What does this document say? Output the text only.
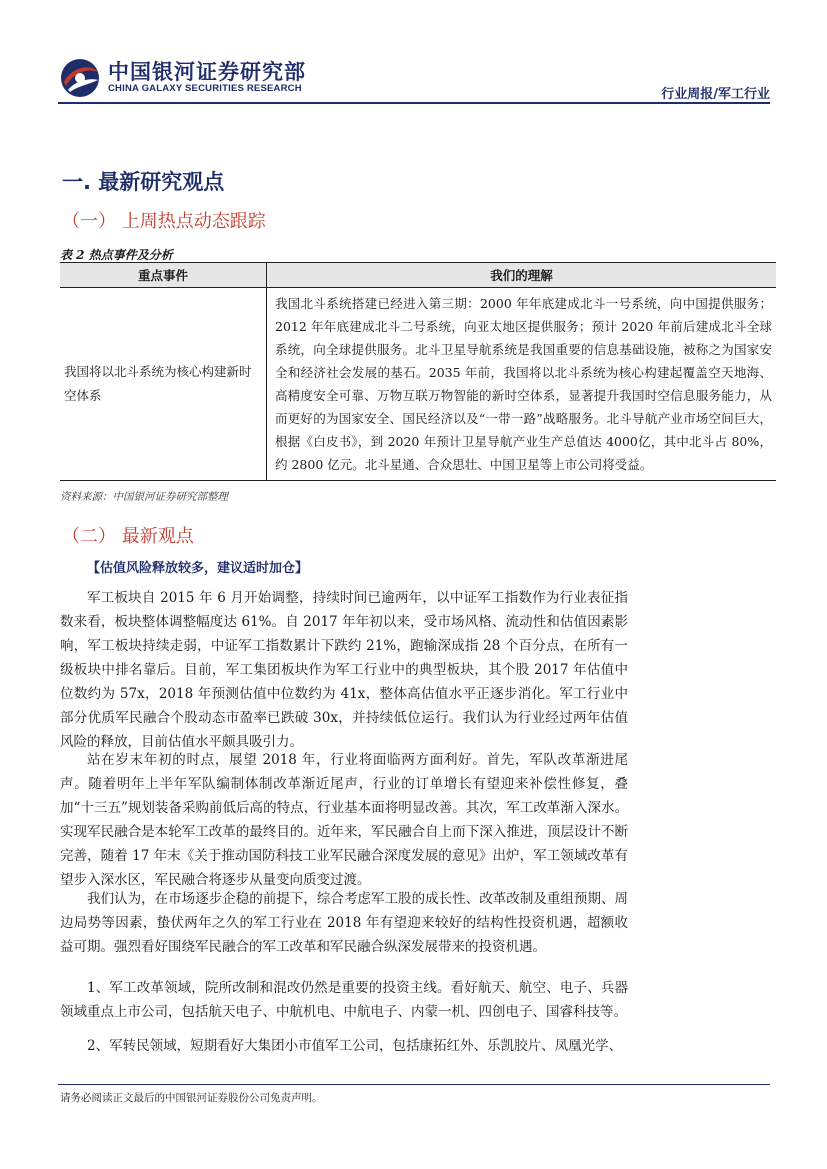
中国银河证券研究部
CHINA GALAXY SECURITIES RESEARCH	行业周报/军工行业
一. 最新研究观点
（一） 上周热点动态跟踪
表 2 热点事件及分析
重点事件	我们的理解
我国将以北斗系统为核心构建新时空体系	我国北斗系统搭建已经进入第三期：2000 年年底建成北斗一号系统，向中国提供服务；2012 年年底建成北斗二号系统，向亚太地区提供服务；预计 2020 年前后建成北斗全球系统，向全球提供服务。北斗卫星导航系统是我国重要的信息基础设施，被称之为国家安全和经济社会发展的基石。2035 年前，我国将以北斗系统为核心构建起覆盖空天地海、高精度安全可靠、万物互联万物智能的新时空体系，显著提升我国时空信息服务能力，从而更好的为国家安全、国民经济以及“一带一路”战略服务。北斗导航产业市场空间巨大，根据《白皮书》，到 2020 年预计卫星导航产业生产总值达 4000亿，其中北斗占 80%，约 2800 亿元。北斗星通、合众思壮、中国卫星等上市公司将受益。
资料来源：中国银河证券研究部整理
（二） 最新观点
【估值风险释放较多，建议适时加仓】

军工板块自 2015 年 6 月开始调整，持续时间已逾两年，以中证军工指数作为行业表征指数来看，板块整体调整幅度达 61%。自 2017 年年初以来，受市场风格、流动性和估值因素影响，军工板块持续走弱，中证军工指数累计下跌约 21%，跑输深成指 28 个百分点，在所有一级板块中排名靠后。目前，军工集团板块作为军工行业中的典型板块，其个股 2017 年估值中位数约为 57x，2018 年预测估值中位数约为 41x，整体高估值水平正逐步消化。军工行业中部分优质军民融合个股动态市盈率已跌破 30x，并持续低位运行。我们认为行业经过两年估值风险的释放，目前估值水平颇具吸引力。

站在岁末年初的时点，展望 2018 年，行业将面临两方面利好。首先，军队改革渐进尾声。随着明年上半年军队编制体制改革渐近尾声，行业的订单增长有望迎来补偿性修复，叠加“十三五”规划装备采购前低后高的特点，行业基本面将明显改善。其次，军工改革渐入深水。实现军民融合是本轮军工改革的最终目的。近年来，军民融合自上而下深入推进，顶层设计不断完善，随着 17 年末《关于推动国防科技工业军民融合深度发展的意见》出炉，军工领域改革有望步入深水区，军民融合将逐步从量变向质变过渡。

我们认为，在市场逐步企稳的前提下，综合考虑军工股的成长性、改革改制及重组预期、周边局势等因素，蛰伏两年之久的军工行业在 2018 年有望迎来较好的结构性投资机遇，超额收益可期。强烈看好围绕军民融合的军工改革和军民融合纵深发展带来的投资机遇。

1、军工改革领域，院所改制和混改仍然是重要的投资主线。看好航天、航空、电子、兵器领域重点上市公司，包括航天电子、中航机电、中航电子、内蒙一机、四创电子、国睿科技等。

2、军转民领域，短期看好大集团小市值军工公司，包括康拓红外、乐凯胶片、凤凰光学、

请务必阅读正文最后的中国银河证券股份公司免责声明。
